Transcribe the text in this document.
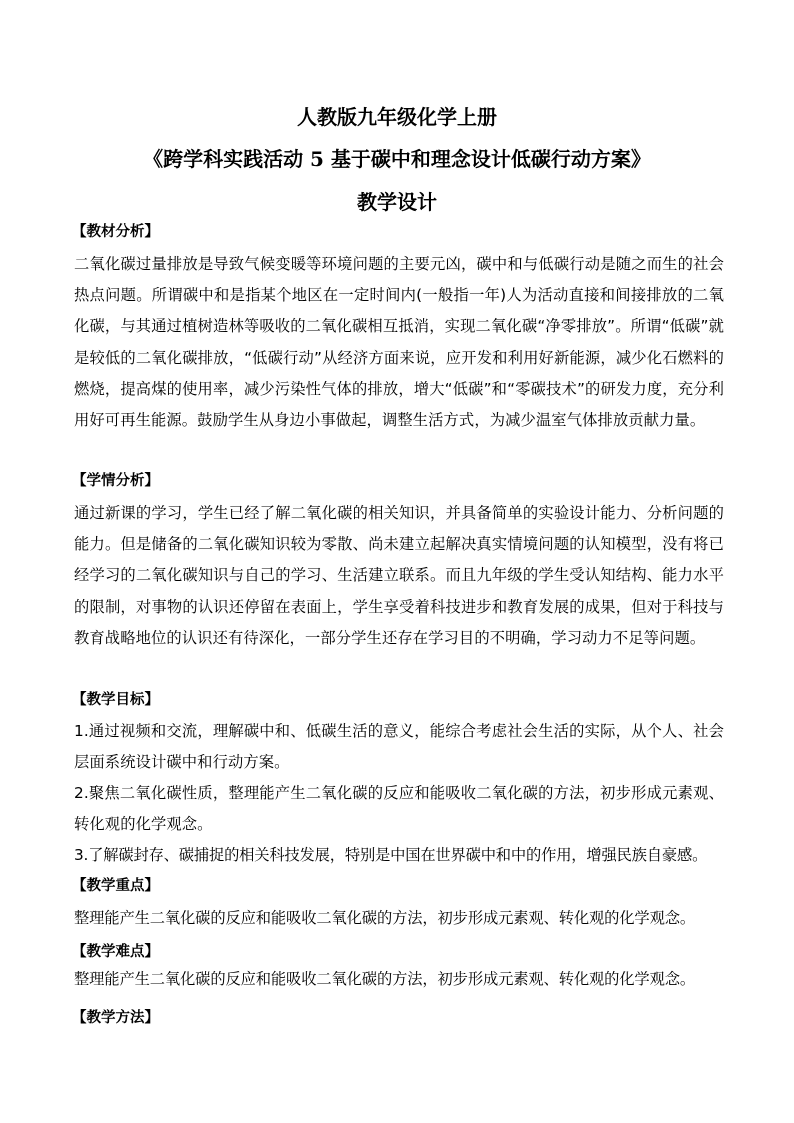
人教版九年级化学上册
《跨学科实践活动 5 基于碳中和理念设计低碳行动方案》
教学设计
【教材分析】
二氧化碳过量排放是导致气候变暖等环境问题的主要元凶，碳中和与低碳行动是随之而生的社会热点问题。所谓碳中和是指某个地区在一定时间内(一般指一年)人为活动直接和间接排放的二氧化碳，与其通过植树造林等吸收的二氧化碳相互抵消，实现二氧化碳“净零排放”。所谓“低碳”就是较低的二氧化碳排放，“低碳行动”从经济方面来说，应开发和利用好新能源，减少化石燃料的燃烧，提高煤的使用率，减少污染性气体的排放，增大“低碳”和“零碳技术”的研发力度，充分利用好可再生能源。鼓励学生从身边小事做起，调整生活方式，为减少温室气体排放贡献力量。
【学情分析】
通过新课的学习，学生已经了解二氧化碳的相关知识，并具备简单的实验设计能力、分析问题的能力。但是储备的二氧化碳知识较为零散、尚未建立起解决真实情境问题的认知模型，没有将已经学习的二氧化碳知识与自己的学习、生活建立联系。而且九年级的学生受认知结构、能力水平的限制，对事物的认识还停留在表面上，学生享受着科技进步和教育发展的成果，但对于科技与教育战略地位的认识还有待深化，一部分学生还存在学习目的不明确，学习动力不足等问题。
【教学目标】
1.通过视频和交流，理解碳中和、低碳生活的意义，能综合考虑社会生活的实际，从个人、社会层面系统设计碳中和行动方案。
2.聚焦二氧化碳性质，整理能产生二氧化碳的反应和能吸收二氧化碳的方法，初步形成元素观、转化观的化学观念。
3.了解碳封存、碳捕捉的相关科技发展，特别是中国在世界碳中和中的作用，增强民族自豪感。
【教学重点】
整理能产生二氧化碳的反应和能吸收二氧化碳的方法，初步形成元素观、转化观的化学观念。
【教学难点】
整理能产生二氧化碳的反应和能吸收二氧化碳的方法，初步形成元素观、转化观的化学观念。
【教学方法】
